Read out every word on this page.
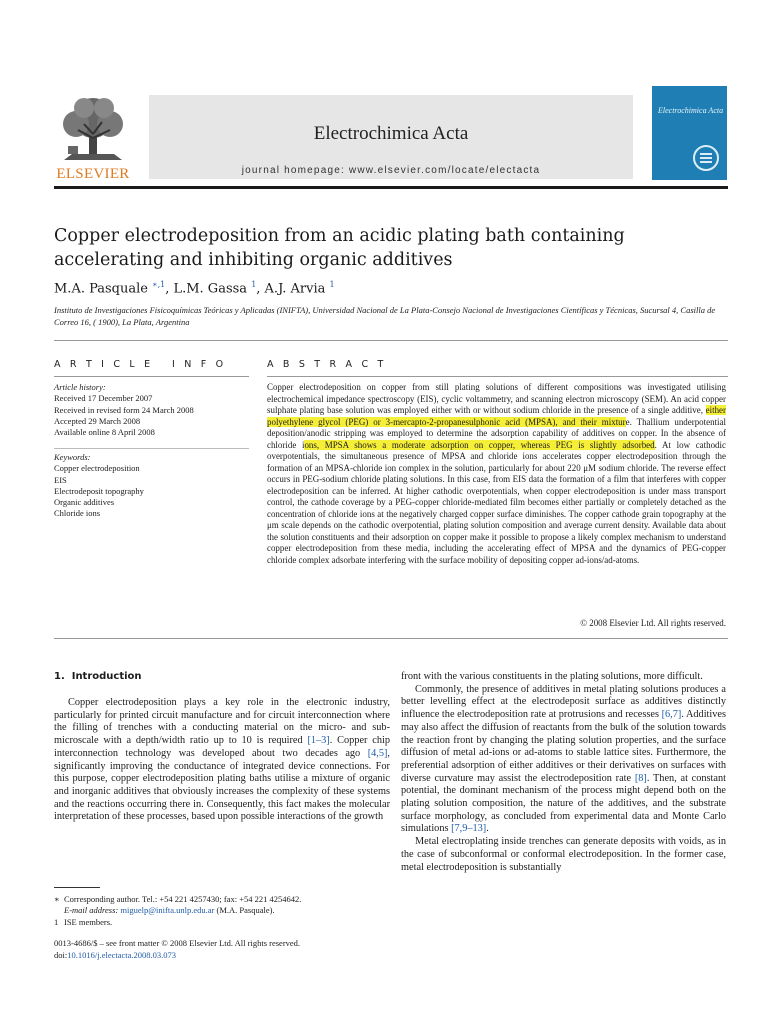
ELSEVIER
Electrochimica Acta
journal homepage: www.elsevier.com/locate/electacta
Electrochimica Acta
Copper electrodeposition from an acidic plating bath containing accelerating and inhibiting organic additives
M.A. Pasquale $^{∗,1}$, L.M. Gassa $^1$, A.J. Arvia $^1$
Instituto de Investigaciones Fisicoquímicas Teóricas y Aplicadas (INIFTA), Universidad Nacional de La Plata-Consejo Nacional de Investigaciones Científicas y Técnicas, Sucursal 4, Casilla de Correo 16, ( 1900), La Plata, Argentina
A R T I C L E   I N F O
Article history:
Received 17 December 2007
Received in revised form 24 March 2008
Accepted 29 March 2008
Available online 8 April 2008
Keywords:
Copper electrodeposition
EIS
Electrodeposit topography
Organic additives
Chloride ions
A B S T R A C T
Copper electrodeposition on copper from still plating solutions of different compositions was investigated utilising electrochemical impedance spectroscopy (EIS), cyclic voltammetry, and scanning electron microscopy (SEM). An acid copper sulphate plating base solution was employed either with or without sodium chloride in the presence of a single additive, either polyethylene glycol (PEG) or 3-mercapto-2-propanesulphonic acid (MPSA), and their mixture. Thallium underpotential deposition/anodic stripping was employed to determine the adsorption capability of additives on copper. In the absence of chloride ions, MPSA shows a moderate adsorption on copper, whereas PEG is slightly adsorbed. At low cathodic overpotentials, the simultaneous presence of MPSA and chloride ions accelerates copper electrodeposition through the formation of an MPSA-chloride ion complex in the solution, particularly for about 220 μM sodium chloride. The reverse effect occurs in PEG-sodium chloride plating solutions. In this case, from EIS data the formation of a film that interferes with copper electrodeposition can be inferred. At higher cathodic overpotentials, when copper electrodeposition is under mass transport control, the cathode coverage by a PEG-copper chloride-mediated film becomes either partially or completely detached as the concentration of chloride ions at the negatively charged copper surface diminishes. The copper cathode grain topography at the μm scale depends on the cathodic overpotential, plating solution composition and average current density. Available data about the solution constituents and their adsorption on copper make it possible to propose a likely complex mechanism to understand copper electrodeposition from these media, including the accelerating effect of MPSA and the dynamics of PEG-copper chloride complex adsorbate interfering with the surface mobility of depositing copper ad-ions/ad-atoms.
© 2008 Elsevier Ltd. All rights reserved.
1.  Introduction

Copper electrodeposition plays a key role in the electronic industry, particularly for printed circuit manufacture and for circuit interconnection where the filling of trenches with a conducting material on the micro- and sub-microscale with a depth/width ratio up to 10 is required [1–3]. Copper chip interconnection technology was developed about two decades ago [4,5], significantly improving the conductance of integrated device connections. For this purpose, copper electrodeposition plating baths utilise a mixture of organic and inorganic additives that obviously increases the complexity of these systems and the reactions occurring there in. Consequently, this fact makes the molecular interpretation of these processes, based upon possible interactions of the growth

front with the various constituents in the plating solutions, more difficult.

Commonly, the presence of additives in metal plating solutions produces a better levelling effect at the electrodeposit surface as additives distinctly influence the electrodeposition rate at protrusions and recesses [6,7]. Additives may also affect the diffusion of reactants from the bulk of the solution towards the reaction front by changing the plating solution properties, and the surface diffusion of metal ad-ions or ad-atoms to stable lattice sites. Furthermore, the preferential adsorption of either additives or their derivatives on surfaces with diverse curvature may assist the electrodeposition rate [8]. Then, at constant potential, the dominant mechanism of the process might depend both on the plating solution composition, the nature of the additives, and the substrate surface morphology, as concluded from experimental data and Monte Carlo simulations [7,9–13].

Metal electroplating inside trenches can generate deposits with voids, as in the case of subconformal or conformal electrodeposition. In the former case, metal electrodeposition is substantially

∗ Corresponding author. Tel.: +54 221 4257430; fax: +54 221 4254642.
E-mail address: miguelp@inifta.unlp.edu.ar (M.A. Pasquale).
1 ISE members.
0013-4686/$ – see front matter © 2008 Elsevier Ltd. All rights reserved.
doi:10.1016/j.electacta.2008.03.073
